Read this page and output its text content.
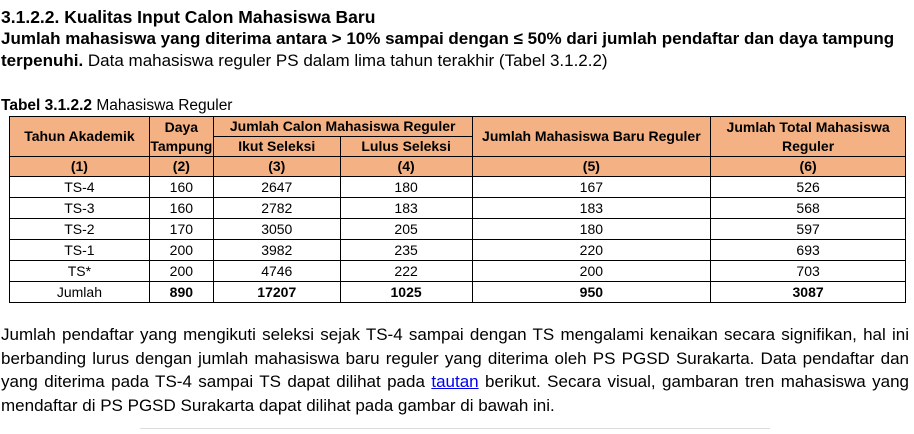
3.1.2.2. Kualitas Input Calon Mahasiswa Baru
Jumlah mahasiswa yang diterima antara > 10% sampai dengan ≤ 50% dari jumlah pendaftar dan daya tampung terpenuhi. Data mahasiswa reguler PS dalam lima tahun terakhir (Tabel 3.1.2.2)
Tabel 3.1.2.2 Mahasiswa Reguler
Tahun Akademik	Daya Tampung	Jumlah Calon Mahasiswa Reguler		Jumlah Mahasiswa Baru Reguler	Jumlah Total Mahasiswa Reguler
		Ikut Seleksi	Lulus Seleksi		
(1)	(2)	(3)	(4)	(5)	(6)
TS-4	160	2647	180	167	526
TS-3	160	2782	183	183	568
TS-2	170	3050	205	180	597
TS-1	200	3982	235	220	693
TS*	200	4746	222	200	703
Jumlah	890	17207	1025	950	3087
Jumlah pendaftar yang mengikuti seleksi sejak TS-4 sampai dengan TS mengalami kenaikan secara signifikan, hal ini berbanding lurus dengan jumlah mahasiswa baru reguler yang diterima oleh PS PGSD Surakarta. Data pendaftar dan yang diterima pada TS-4 sampai TS dapat dilihat pada tautan berikut. Secara visual, gambaran tren mahasiswa yang mendaftar di PS PGSD Surakarta dapat dilihat pada gambar di bawah ini.
